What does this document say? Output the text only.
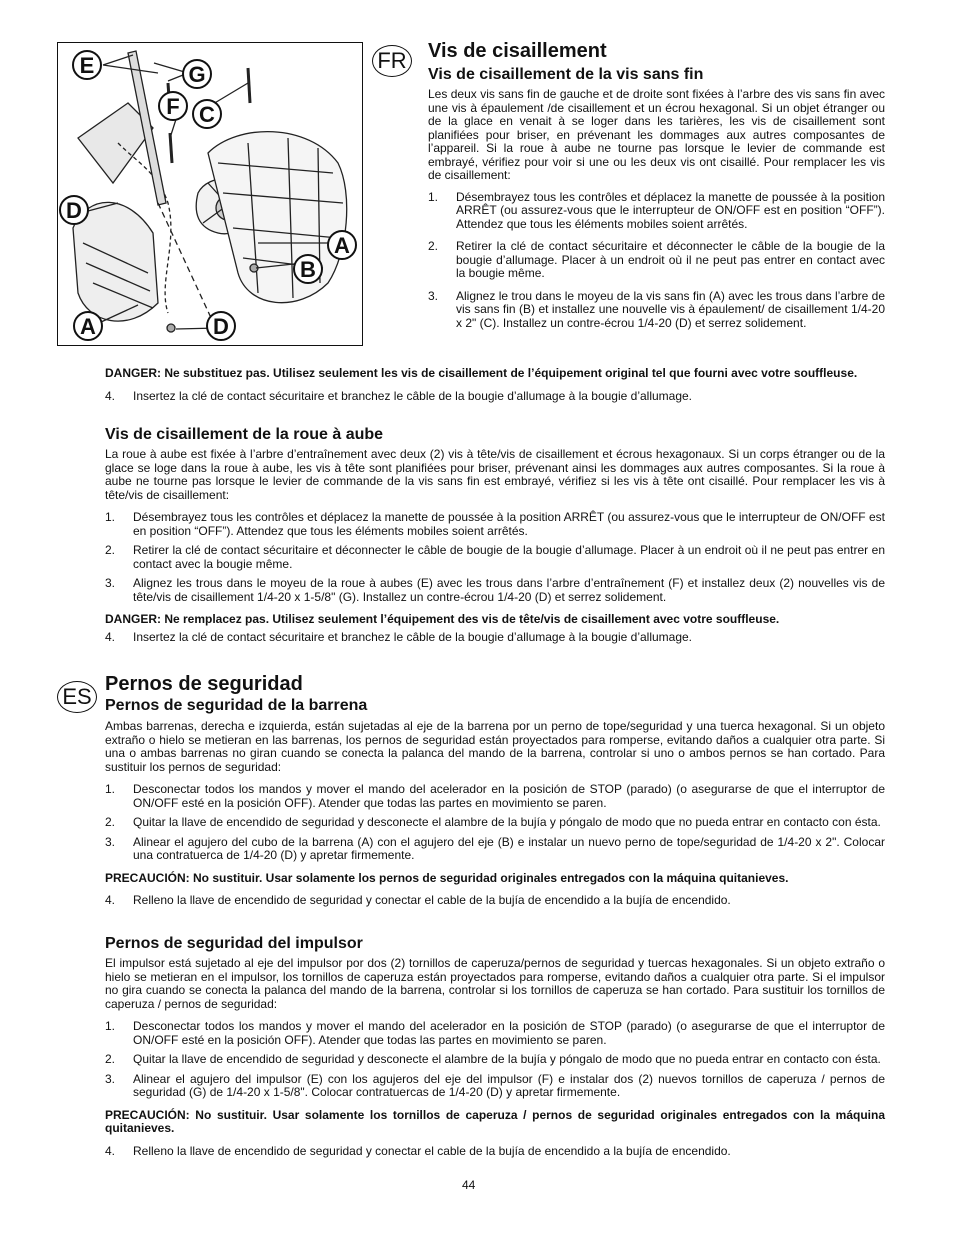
E	G
F C
D
A
B
A	D
FR Vis de cisaillement
Vis de cisaillement de la vis sans fin

Les deux vis sans fin de gauche et de droite sont fixées à l’arbre des vis sans fin avec une vis à épaulement /de cisaillement et un écrou hexagonal. Si un objet étranger ou de la glace en venait à se loger dans les tarières, les vis de cisaillement sont planifiées pour briser, en prévenant les dommages aux autres composantes de l’appareil. Si la roue à aube ne tourne pas lorsque le levier de commande est embrayé, vérifiez pour voir si une ou les deux vis ont cisaillé. Pour remplacer les vis de cisaillement:

1. Désembrayez tous les contrôles et déplacez la manette de poussée à la position ARRÊT (ou assurez-vous que le interrupteur de ON/OFF est en position “OFF”). Attendez que tous les éléments mobiles soient arrêtés.
2. Retirer la clé de contact sécuritaire et déconnecter le câble de la bougie de la bougie d’allumage. Placer à un endroit où il ne peut pas entrer en contact avec la bougie même.
3. Alignez le trou dans le moyeu de la vis sans fin (A) avec les trous dans l’arbre de vis sans fin (B) et installez une nouvelle vis à épaulement/ de cisaillement 1/4-20 x 2" (C). Installez un contre-écrou 1/4-20 (D) et serrez solidement.

DANGER: Ne substituez pas. Utilisez seulement les vis de cisaillement de l’équipement original tel que fourni avec votre souffleuse.

4. Insertez la clé de contact sécuritaire et branchez le câble de la bougie d’allumage à la bougie d’allumage.
Vis de cisaillement de la roue à aube

La roue à aube est fixée à l’arbre d’entraînement avec deux (2) vis à tête/vis de cisaillement et écrous hexagonaux. Si un corps étranger ou de la glace se loge dans la roue à aube, les vis à tête sont planifiées pour briser, prévenant ainsi les dommages aux autres composantes. Si la roue à aube ne tourne pas lorsque le levier de commande de la vis sans fin est embrayé, vérifiez si les vis à tête ont cisaillé. Pour remplacer les vis à tête/vis de cisaillement:

1. Désembrayez tous les contrôles et déplacez la manette de poussée à la position ARRÊT (ou assurez-vous que le interrupteur de ON/OFF est en position “OFF”). Attendez que tous les éléments mobiles soient arrêtés.
2. Retirer la clé de contact sécuritaire et déconnecter le câble de bougie de la bougie d’allumage. Placer à un endroit où il ne peut pas entrer en contact avec la bougie même.
3. Alignez les trous dans le moyeu de la roue à aubes (E) avec les trous dans l’arbre d’entraînement (F) et installez deux (2) nouvelles vis de tête/vis de cisaillement 1/4-20 x 1-5/8" (G). Installez un contre-écrou 1/4-20 (D) et serrez solidement.

DANGER: Ne remplacez pas. Utilisez seulement l’équipement des vis de tête/vis de cisaillement avec votre souffleuse.

4. Insertez la clé de contact sécuritaire et branchez le câble de la bougie d’allumage à la bougie d’allumage.
ES Pernos de seguridad
Pernos de seguridad de la barrena

Ambas barrenas, derecha e izquierda, están sujetadas al eje de la barrena por un perno de tope/seguridad y una tuerca hexagonal. Si un objeto extraño o hielo se metieran en las barrenas, los pernos de seguridad están proyectados para romperse, evitando daños a cualquier otra parte. Si una o ambas barrenas no giran cuando se conecta la palanca del mando de la barrena, controlar si uno o ambos pernos se han cortado. Para sustituir los pernos de seguridad:

1. Desconectar todos los mandos y mover el mando del acelerador en la posición de STOP (parado) (o asegurarse de que el interruptor de ON/OFF esté en la posición OFF). Atender que todas las partes en movimiento se paren.
2. Quitar la llave de encendido de seguridad y desconecte el alambre de la bujía y póngalo de modo que no pueda entrar en contacto con ésta.
3. Alinear el agujero del cubo de la barrena (A) con el agujero del eje (B) e instalar un nuevo perno de tope/seguridad de 1/4-20 x 2". Colocar una contratuerca de 1/4-20 (D) y apretar firmemente.

PRECAUCIÓN: No sustituir. Usar solamente los pernos de seguridad originales entregados con la máquina quitanieves.

4. Relleno la llave de encendido de seguridad y conectar el cable de la bujía de encendido a la bujía de encendido.
Pernos de seguridad del impulsor

El impulsor está sujetado al eje del impulsor por dos (2) tornillos de caperuza/pernos de seguridad y tuercas hexagonales. Si un objeto extraño o hielo se metieran en el impulsor, los tornillos de caperuza están proyectados para romperse, evitando daños a cualquier otra parte. Si el impulsor no gira cuando se conecta la palanca del mando de la barrena, controlar si los tornillos de caperuza se han cortado. Para sustituir los tornillos de caperuza / pernos de seguridad:

1. Desconectar todos los mandos y mover el mando del acelerador en la posición de STOP (parado) (o asegurarse de que el interruptor de ON/OFF esté en la posición OFF). Atender que todas las partes en movimiento se paren.
2. Quitar la llave de encendido de seguridad y desconecte el alambre de la bujía y póngalo de modo que no pueda entrar en contacto con ésta.
3. Alinear el agujero del impulsor (E) con los agujeros del eje del impulsor (F) e instalar dos (2) nuevos tornillos de caperuza / pernos de seguridad (G) de 1/4-20 x 1-5/8". Colocar contratuercas de 1/4-20 (D) y apretar firmemente.

PRECAUCIÓN: No sustituir. Usar solamente los tornillos de caperuza / pernos de seguridad originales entregados con la máquina quitanieves.

4. Relleno la llave de encendido de seguridad y conectar el cable de la bujía de encendido a la bujía de encendido.
44
